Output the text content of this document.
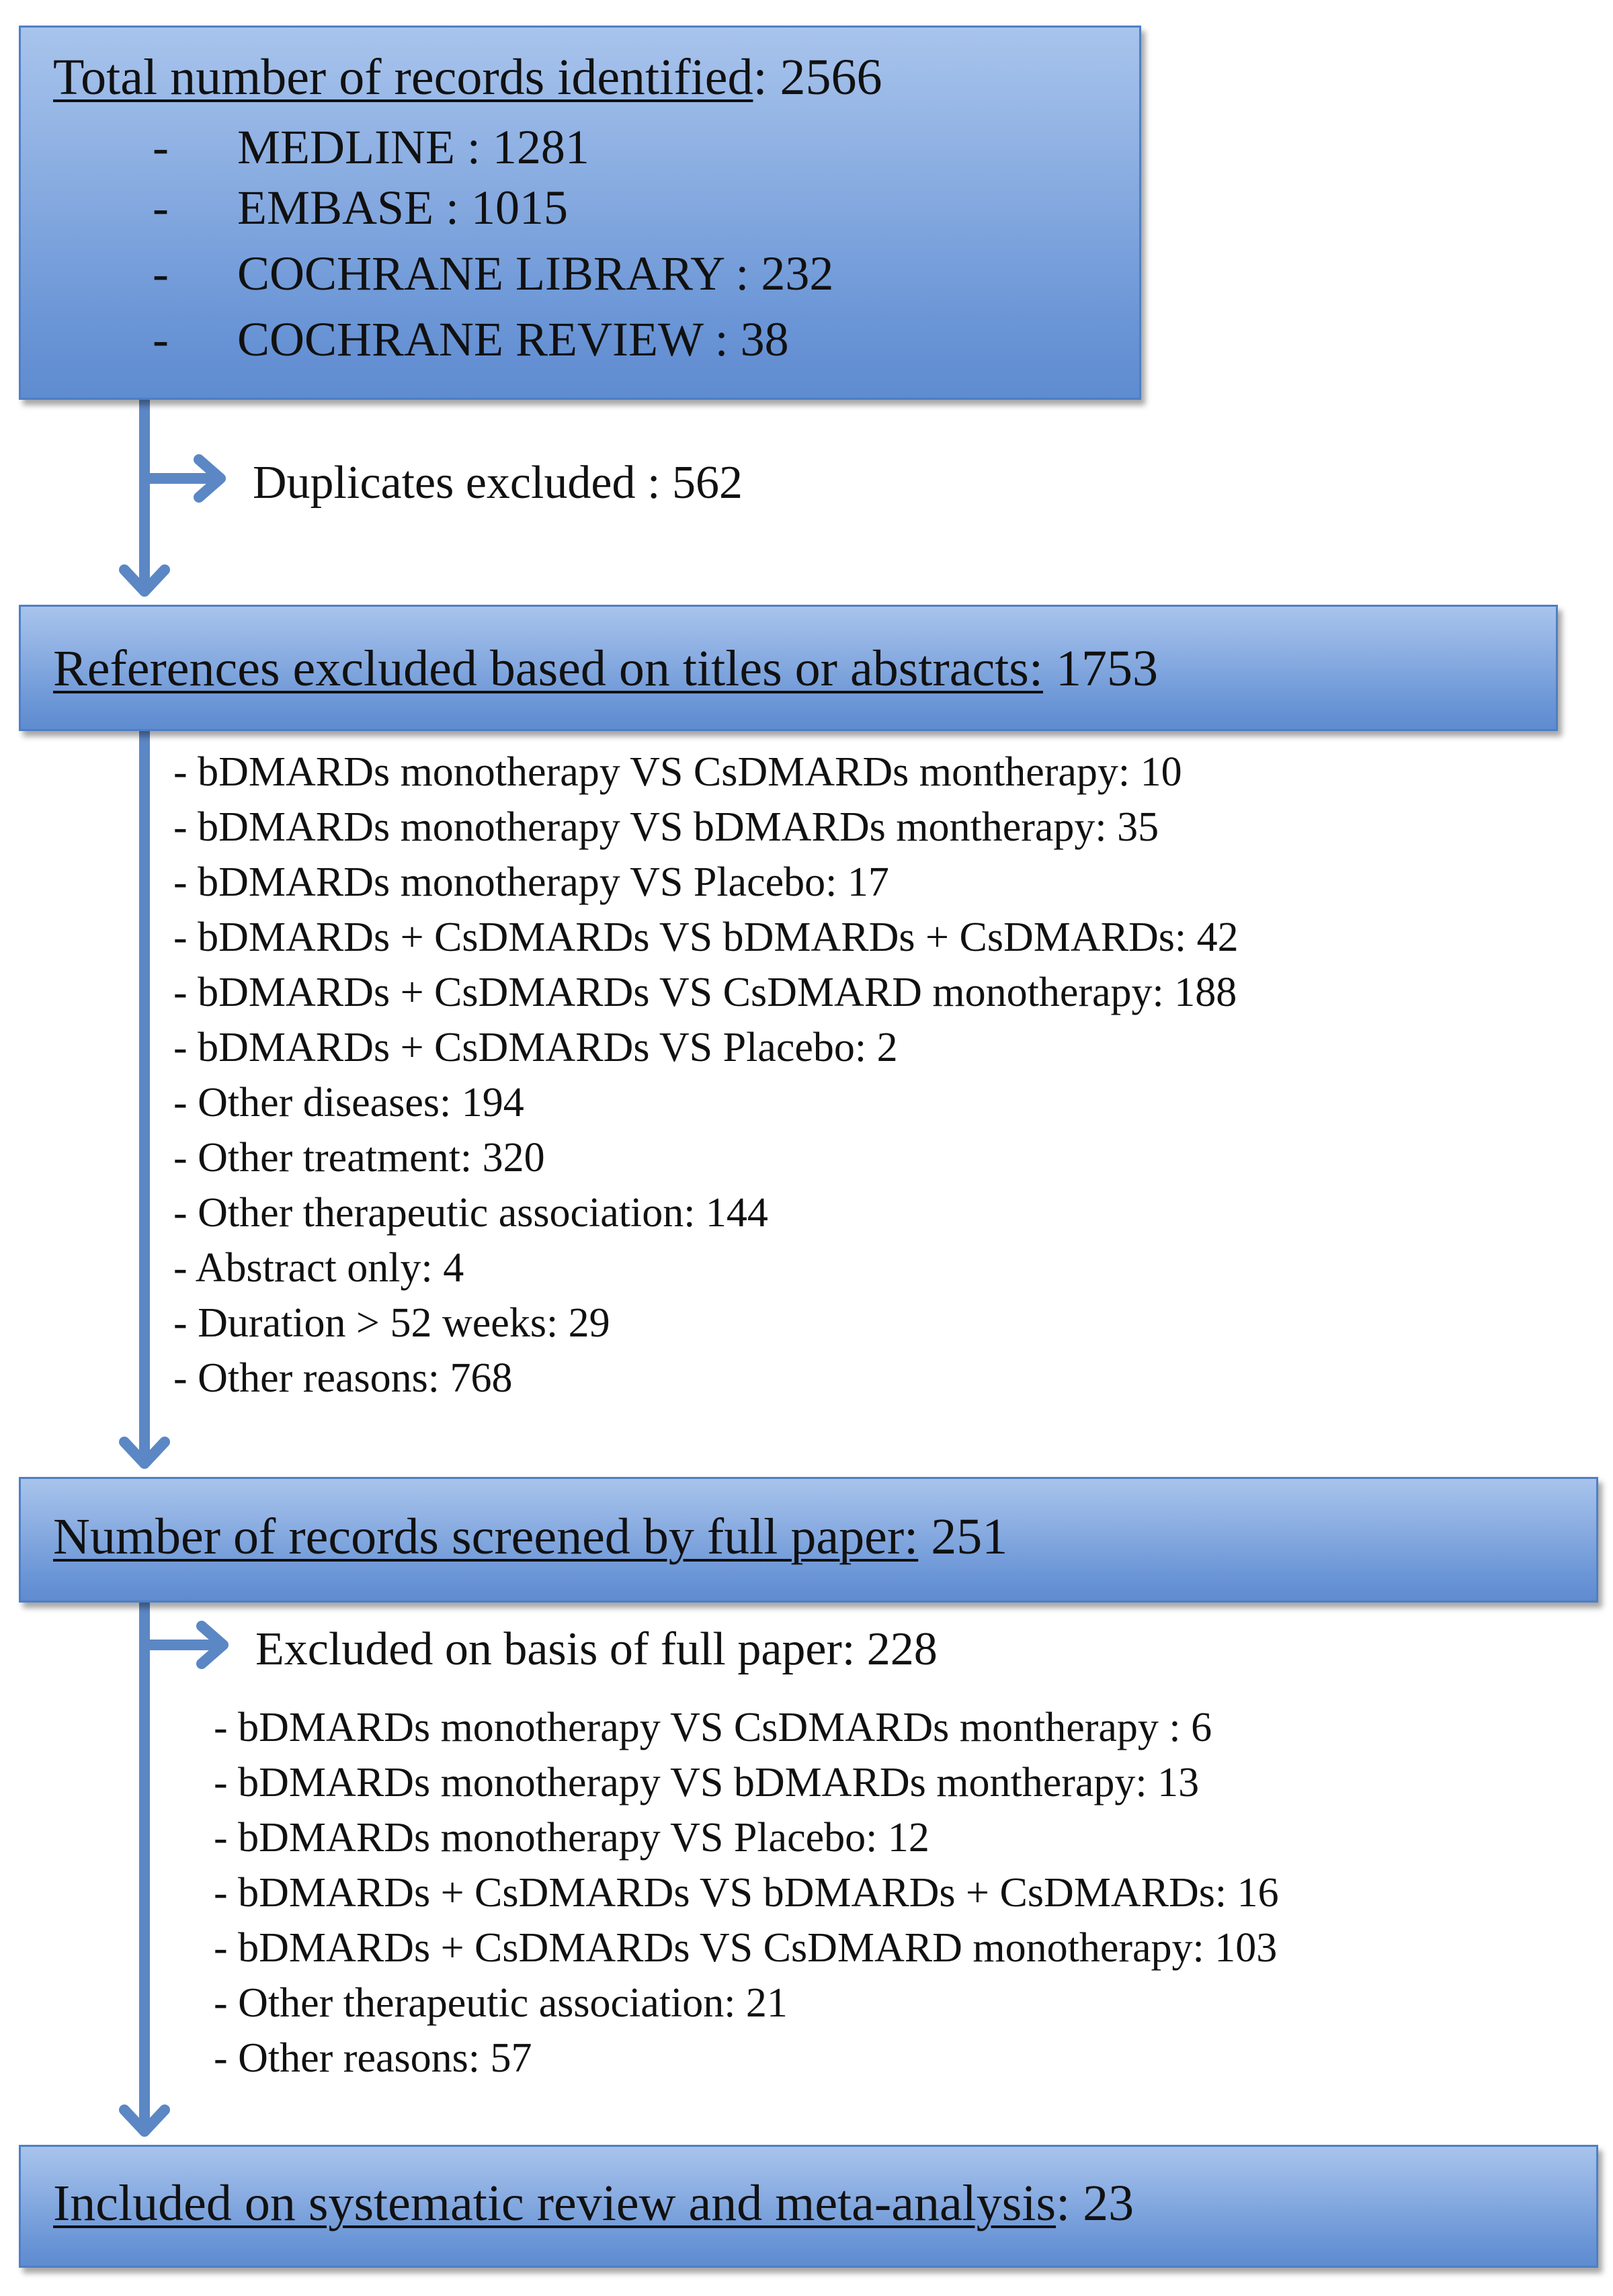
Total number of records identified: 2566
- MEDLINE : 1281
- EMBASE : 1015
- COCHRANE LIBRARY : 232
- COCHRANE REVIEW : 38
Duplicates excluded : 562
References excluded based on titles or abstracts: 1753
- bDMARDs monotherapy VS CsDMARDs montherapy: 10
- bDMARDs monotherapy VS bDMARDs montherapy: 35
- bDMARDs monotherapy VS Placebo: 17
- bDMARDs + CsDMARDs VS bDMARDs + CsDMARDs: 42
- bDMARDs + CsDMARDs VS CsDMARD monotherapy: 188
- bDMARDs + CsDMARDs VS Placebo: 2
- Other diseases: 194
- Other treatment: 320
- Other therapeutic association: 144
- Abstract only: 4
- Duration > 52 weeks: 29
- Other reasons: 768
Number of records screened by full paper: 251
Excluded on basis of full paper: 228
- bDMARDs monotherapy VS CsDMARDs montherapy : 6
- bDMARDs monotherapy VS bDMARDs montherapy: 13
- bDMARDs monotherapy VS Placebo: 12
- bDMARDs + CsDMARDs VS bDMARDs + CsDMARDs: 16
- bDMARDs + CsDMARDs VS CsDMARD monotherapy: 103
- Other therapeutic association: 21
- Other reasons: 57
Included on systematic review and meta-analysis: 23
